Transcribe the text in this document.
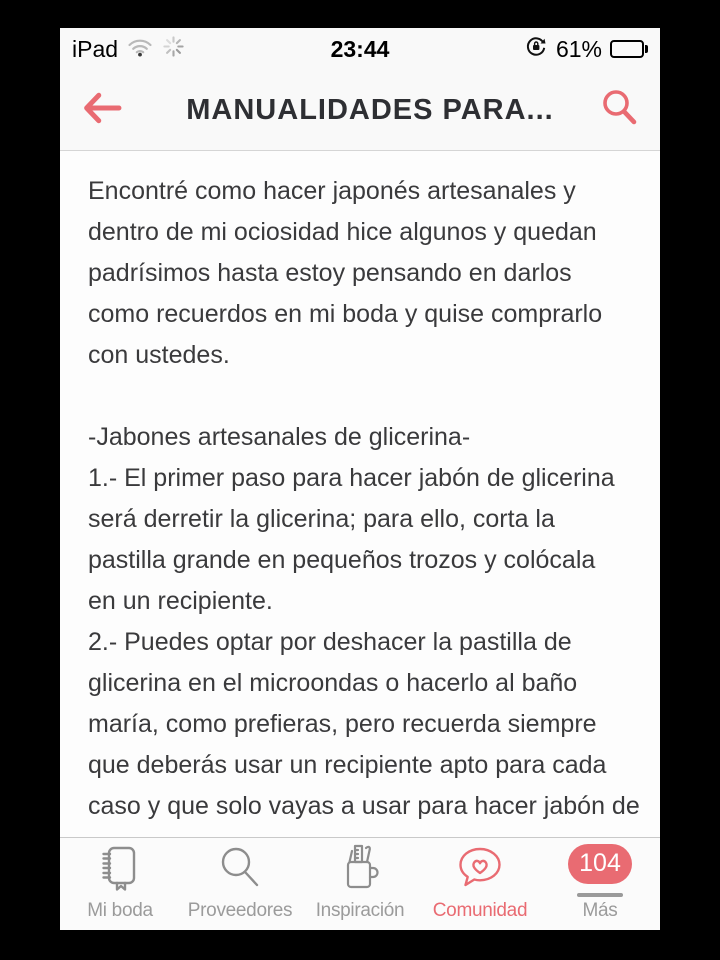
iPad	23:44	61%
MANUALIDADES PARA...
Encontré como hacer japonés artesanales y
dentro de mi ociosidad hice algunos y quedan
padrísimos hasta estoy pensando en darlos
como recuerdos en mi boda y quise comprarlo
con ustedes.
-Jabones artesanales de glicerina-
1.- El primer paso para hacer jabón de glicerina
será derretir la glicerina; para ello, corta la
pastilla grande en pequeños trozos y colócala
en un recipiente.
2.- Puedes optar por deshacer la pastilla de
glicerina en el microondas o hacerlo al baño
maría, como prefieras, pero recuerda siempre
que deberás usar un recipiente apto para cada
caso y que solo vayas a usar para hacer jabón de
Mi boda Proveedores Inspiración Comunidad
104
Más
